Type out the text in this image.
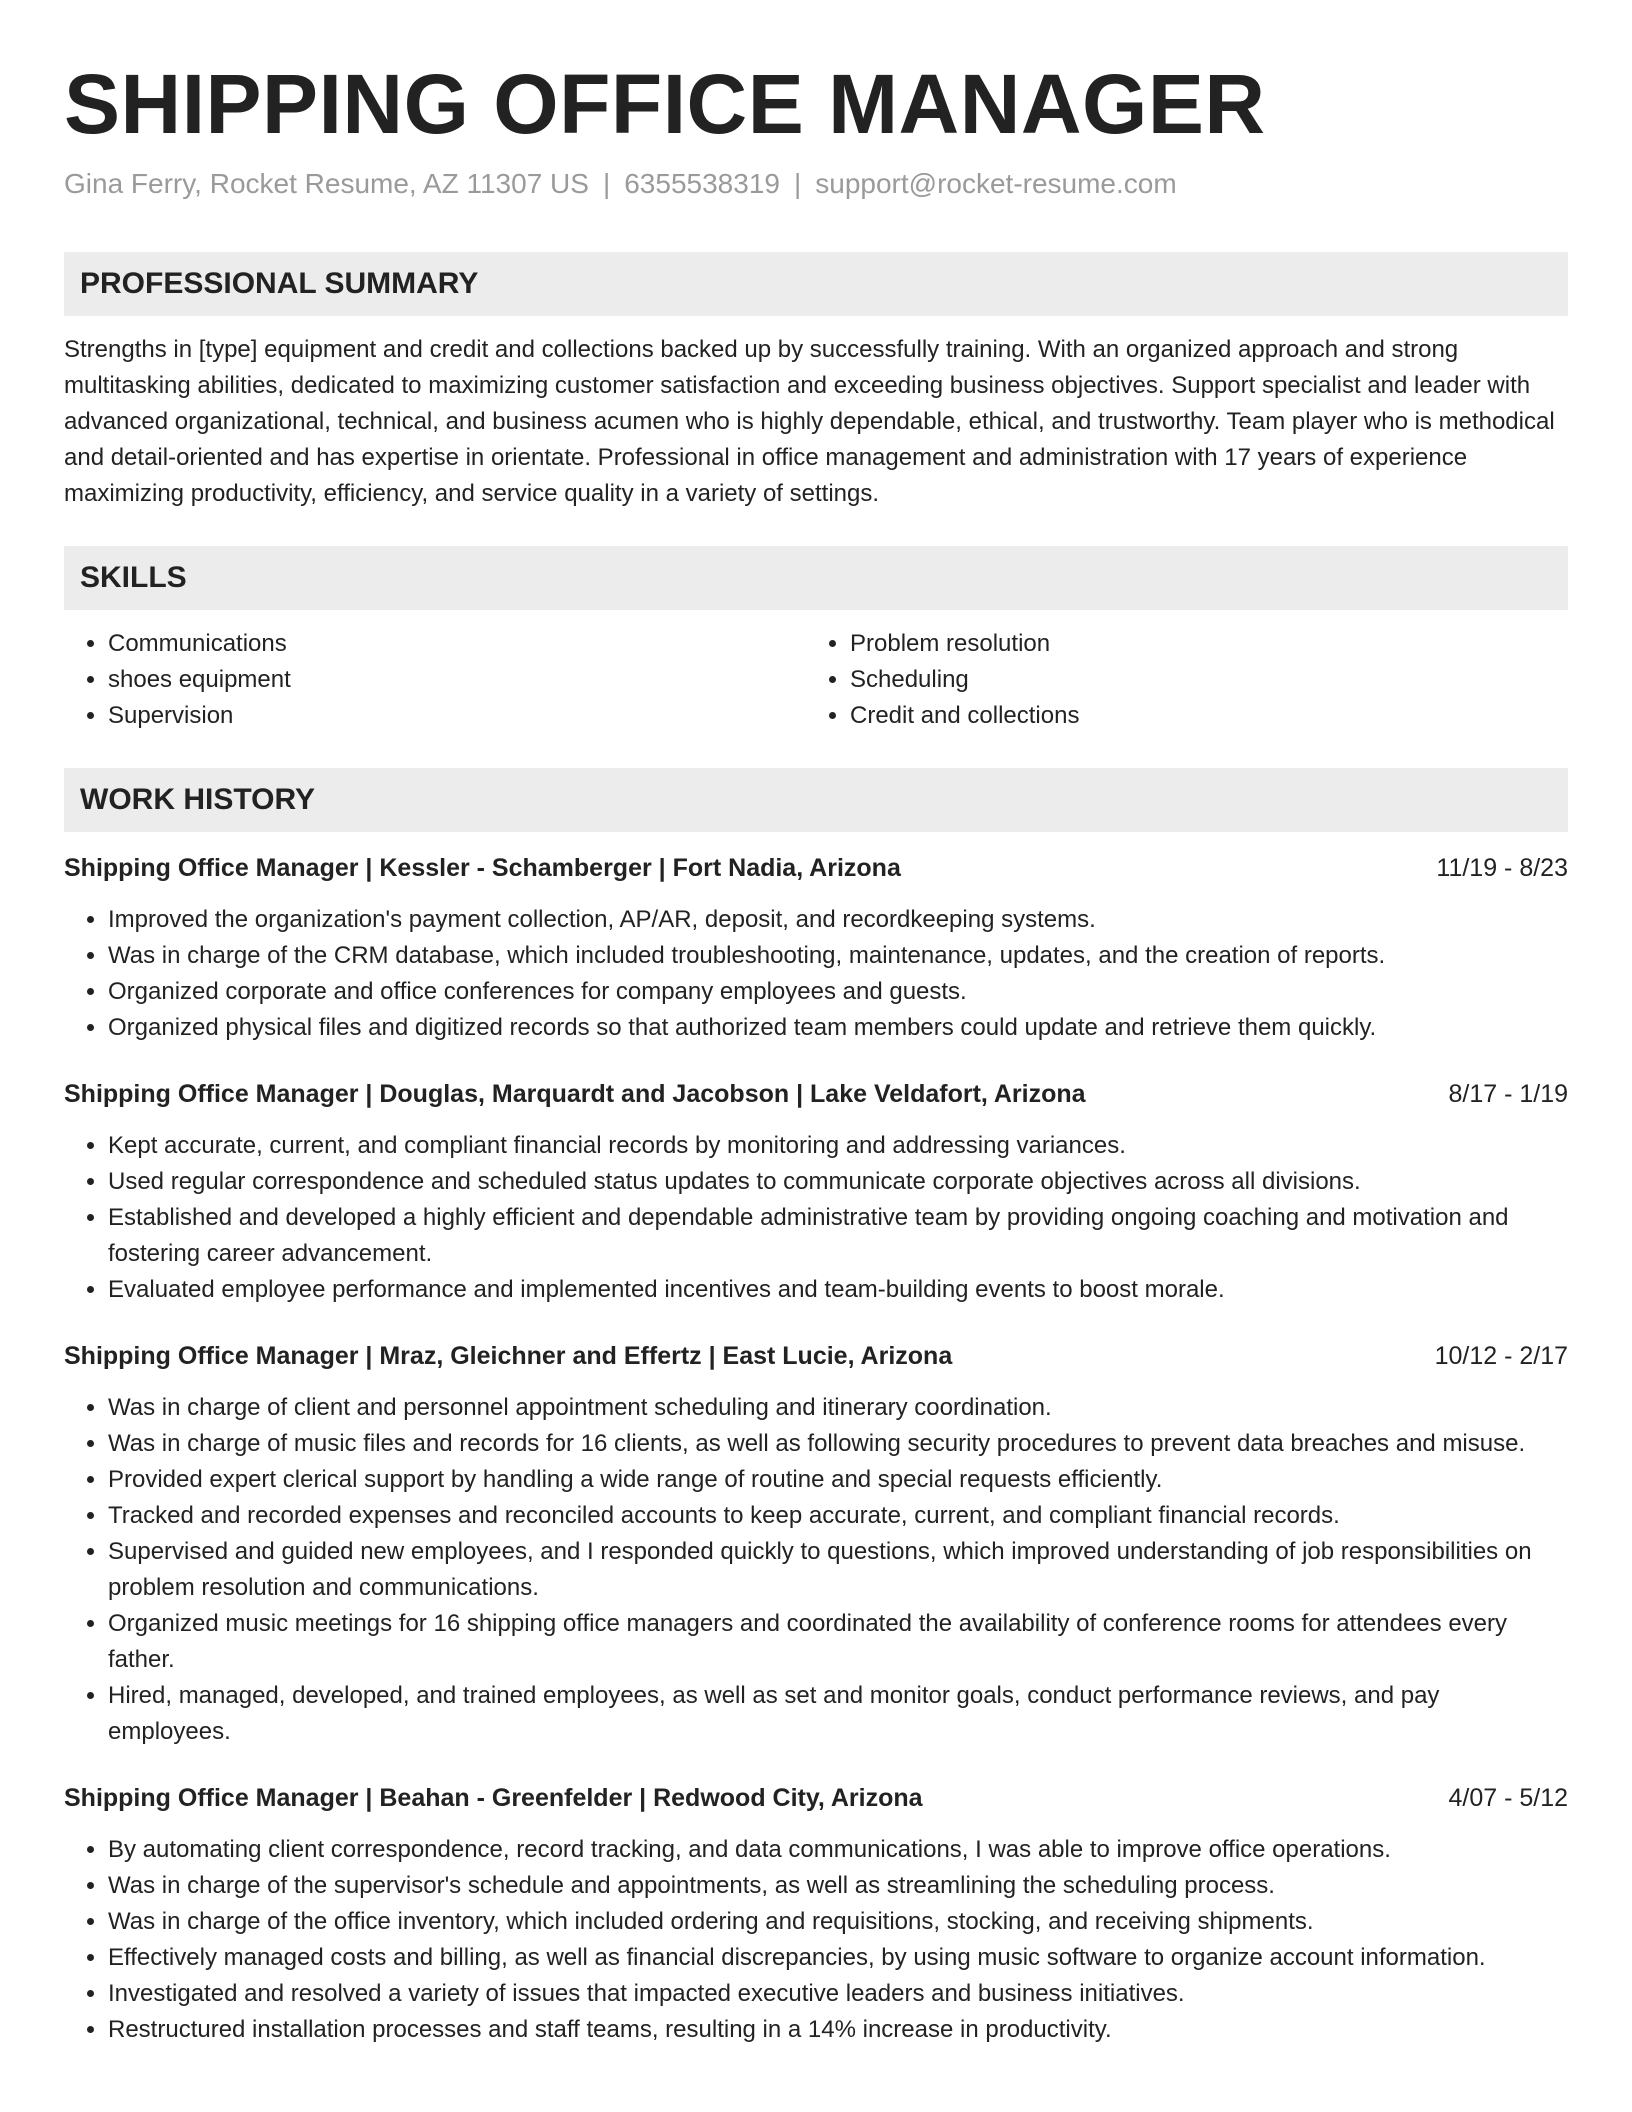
SHIPPING OFFICE MANAGER
Gina Ferry, Rocket Resume, AZ 11307 US | 6355538319 | support@rocket-resume.com
PROFESSIONAL SUMMARY
Strengths in [type] equipment and credit and collections backed up by successfully training. With an organized approach and strong multitasking abilities, dedicated to maximizing customer satisfaction and exceeding business objectives. Support specialist and leader with advanced organizational, technical, and business acumen who is highly dependable, ethical, and trustworthy. Team player who is methodical and detail-oriented and has expertise in orientate. Professional in office management and administration with 17 years of experience maximizing productivity, efficiency, and service quality in a variety of settings.
SKILLS
• Communications
• shoes equipment
• Supervision
• Problem resolution
• Scheduling
• Credit and collections
WORK HISTORY
Shipping Office Manager | Kessler - Schamberger | Fort Nadia, Arizona	11/19 - 8/23
• Improved the organization's payment collection, AP/AR, deposit, and recordkeeping systems.
• Was in charge of the CRM database, which included troubleshooting, maintenance, updates, and the creation of reports.
• Organized corporate and office conferences for company employees and guests.
• Organized physical files and digitized records so that authorized team members could update and retrieve them quickly.
Shipping Office Manager | Douglas, Marquardt and Jacobson | Lake Veldafort, Arizona	8/17 - 1/19
• Kept accurate, current, and compliant financial records by monitoring and addressing variances.
• Used regular correspondence and scheduled status updates to communicate corporate objectives across all divisions.
• Established and developed a highly efficient and dependable administrative team by providing ongoing coaching and motivation and fostering career advancement.
• Evaluated employee performance and implemented incentives and team-building events to boost morale.
Shipping Office Manager | Mraz, Gleichner and Effertz | East Lucie, Arizona	10/12 - 2/17
• Was in charge of client and personnel appointment scheduling and itinerary coordination.
• Was in charge of music files and records for 16 clients, as well as following security procedures to prevent data breaches and misuse.
• Provided expert clerical support by handling a wide range of routine and special requests efficiently.
• Tracked and recorded expenses and reconciled accounts to keep accurate, current, and compliant financial records.
• Supervised and guided new employees, and I responded quickly to questions, which improved understanding of job responsibilities on problem resolution and communications.
• Organized music meetings for 16 shipping office managers and coordinated the availability of conference rooms for attendees every father.
• Hired, managed, developed, and trained employees, as well as set and monitor goals, conduct performance reviews, and pay employees.
Shipping Office Manager | Beahan - Greenfelder | Redwood City, Arizona	4/07 - 5/12
• By automating client correspondence, record tracking, and data communications, I was able to improve office operations.
• Was in charge of the supervisor's schedule and appointments, as well as streamlining the scheduling process.
• Was in charge of the office inventory, which included ordering and requisitions, stocking, and receiving shipments.
• Effectively managed costs and billing, as well as financial discrepancies, by using music software to organize account information.
• Investigated and resolved a variety of issues that impacted executive leaders and business initiatives.
• Restructured installation processes and staff teams, resulting in a 14% increase in productivity.
